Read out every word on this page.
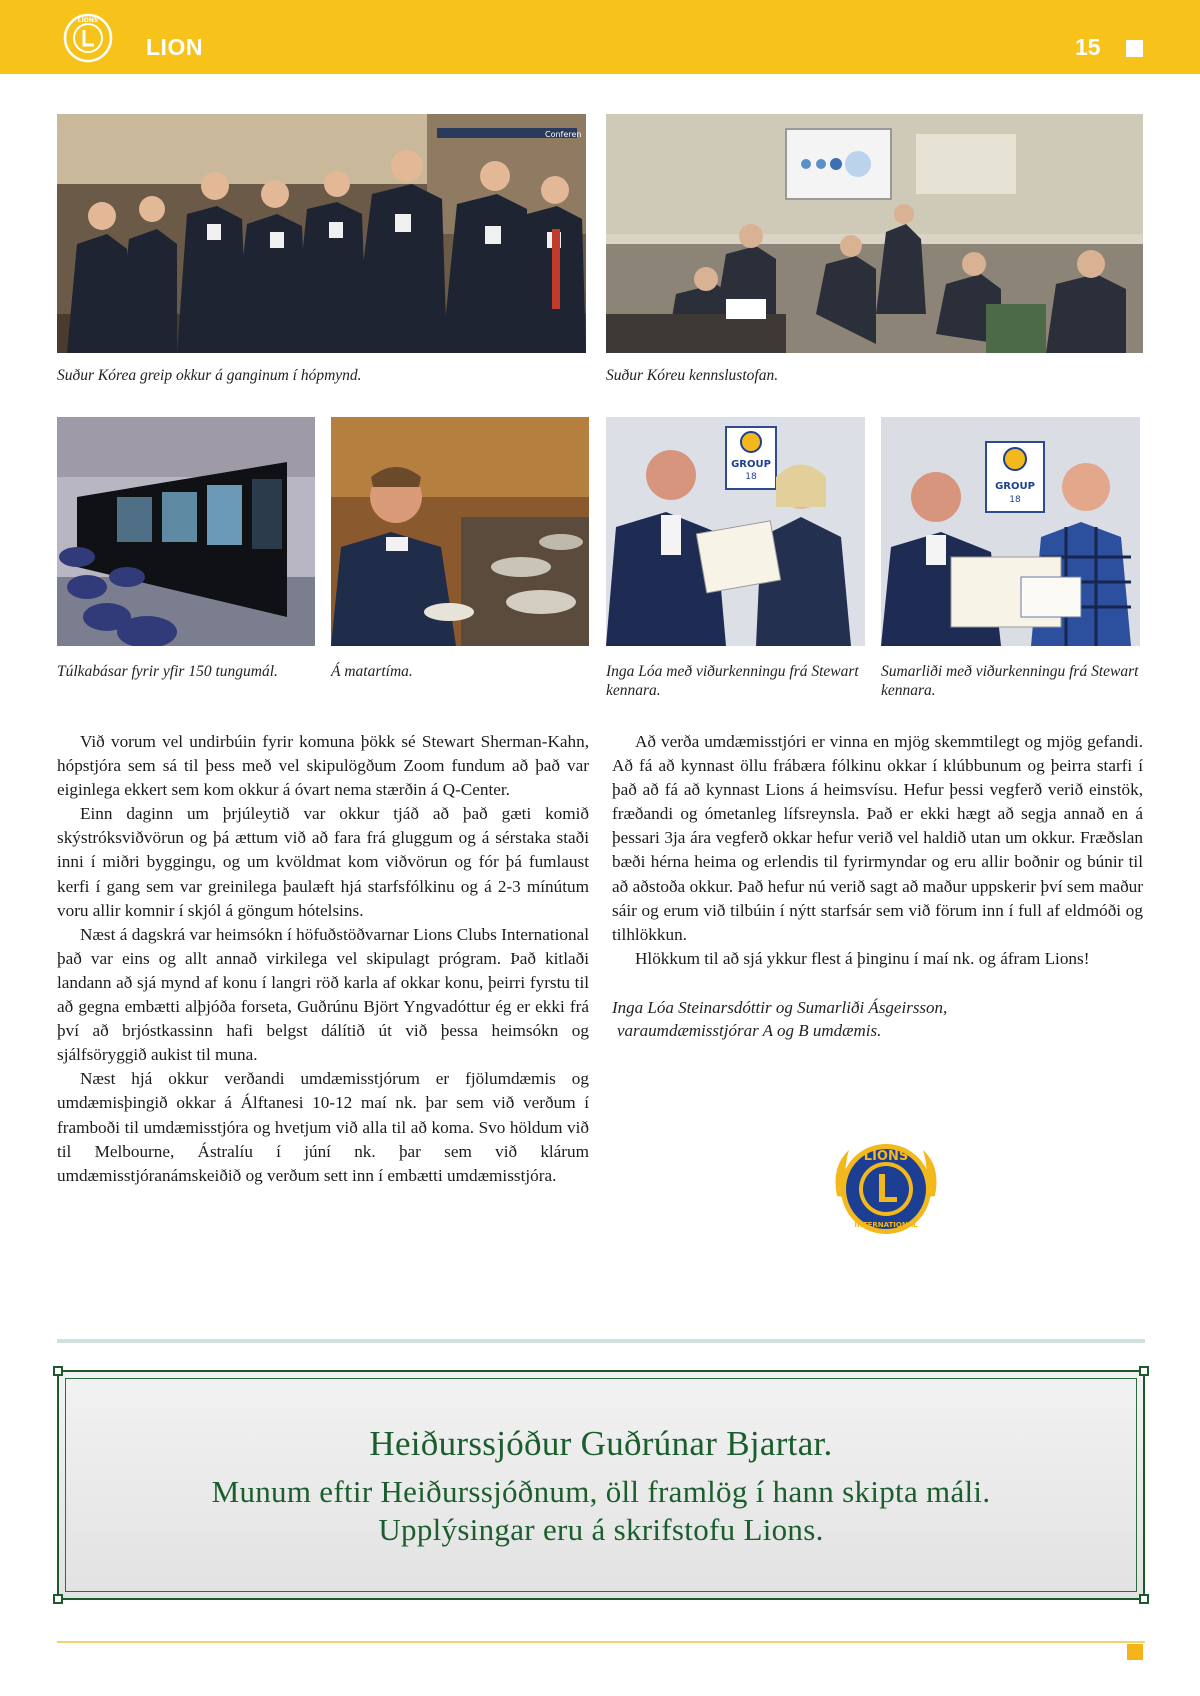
LIONS
LION	15
Conferen
Suður Kórea greip okkur á ganginum í hópmynd.	Suður Kóreu kennslustofan.
Túlkabásar fyrir yfir 150 tungumál.	Á matartíma.
GROUP
18
Inga Lóa með viðurkenningu frá Stewart kennara.
GROUP
18
Sumarliði með viðurkenningu frá Stewart kennara.

Við vorum vel undirbúin fyrir komuna þökk sé Stewart Sherman-Kahn, hópstjóra sem sá til þess með vel skipulögðum Zoom fundum að það var eiginlega ekkert sem kom okkur á óvart nema stærðin á Q-Center.

Einn daginn um þrjúleytið var okkur tjáð að það gæti komið skýstróksviðvörun og þá ættum við að fara frá gluggum og á sérstaka staði inni í miðri byggingu, og um kvöldmat kom viðvörun og fór þá fumlaust kerfi í gang sem var greinilega þaulæft hjá starfsfólkinu og á 2-3 mínútum voru allir komnir í skjól á göngum hótelsins.

Næst á dagskrá var heimsókn í höfuðstöðvarnar Lions Clubs International það var eins og allt annað virkilega vel skipulagt prógram. Það kitlaði landann að sjá mynd af konu í langri röð karla af okkar konu, þeirri fyrstu til að gegna embætti alþjóða forseta, Guðrúnu Björt Yngvadóttur ég er ekki frá því að brjóstkassinn hafi belgst dálítið út við þessa heimsókn og sjálfsöryggið aukist til muna.

Næst hjá okkur verðandi umdæmisstjórum er fjölumdæmis og umdæmisþingið okkar á Álftanesi 10-12 maí nk. þar sem við verðum í framboði til umdæmisstjóra og hvetjum við alla til að koma. Svo höldum við til Melbourne, Ástralíu í júní nk. þar sem við klárum umdæmisstjóranámskeiðið og verðum sett inn í embætti umdæmisstjóra.

Að verða umdæmisstjóri er vinna en mjög skemmtilegt og mjög gefandi. Að fá að kynnast öllu frábæra fólkinu okkar í klúbbunum og þeirra starfi í það að fá að kynnast Lions á heimsvísu. Hefur þessi vegferð verið einstök, fræðandi og ómetanleg lífsreynsla. Það er ekki hægt að segja annað en á þessari 3ja ára vegferð okkar hefur verið vel haldið utan um okkur. Fræðslan bæði hérna heima og erlendis til fyrirmyndar og eru allir boðnir og búnir til að aðstoða okkur. Það hefur nú verið sagt að maður uppskerir því sem maður sáir og erum við tilbúin í nýtt starfsár sem við förum inn í full af eldmóði og tilhlökkun.

Hlökkum til að sjá ykkur flest á þinginu í maí nk. og áfram Lions!

Inga Lóa Steinarsdóttir og Sumarliði Ásgeirsson,
varaumdæmisstjórar A og B umdæmis.
LIONS
INTERNATIONAL
Heiðurssjóður Guðrúnar Bjartar.
Munum eftir Heiðurssjóðnum, öll framlög í hann skipta máli.
Upplýsingar eru á skrifstofu Lions.
